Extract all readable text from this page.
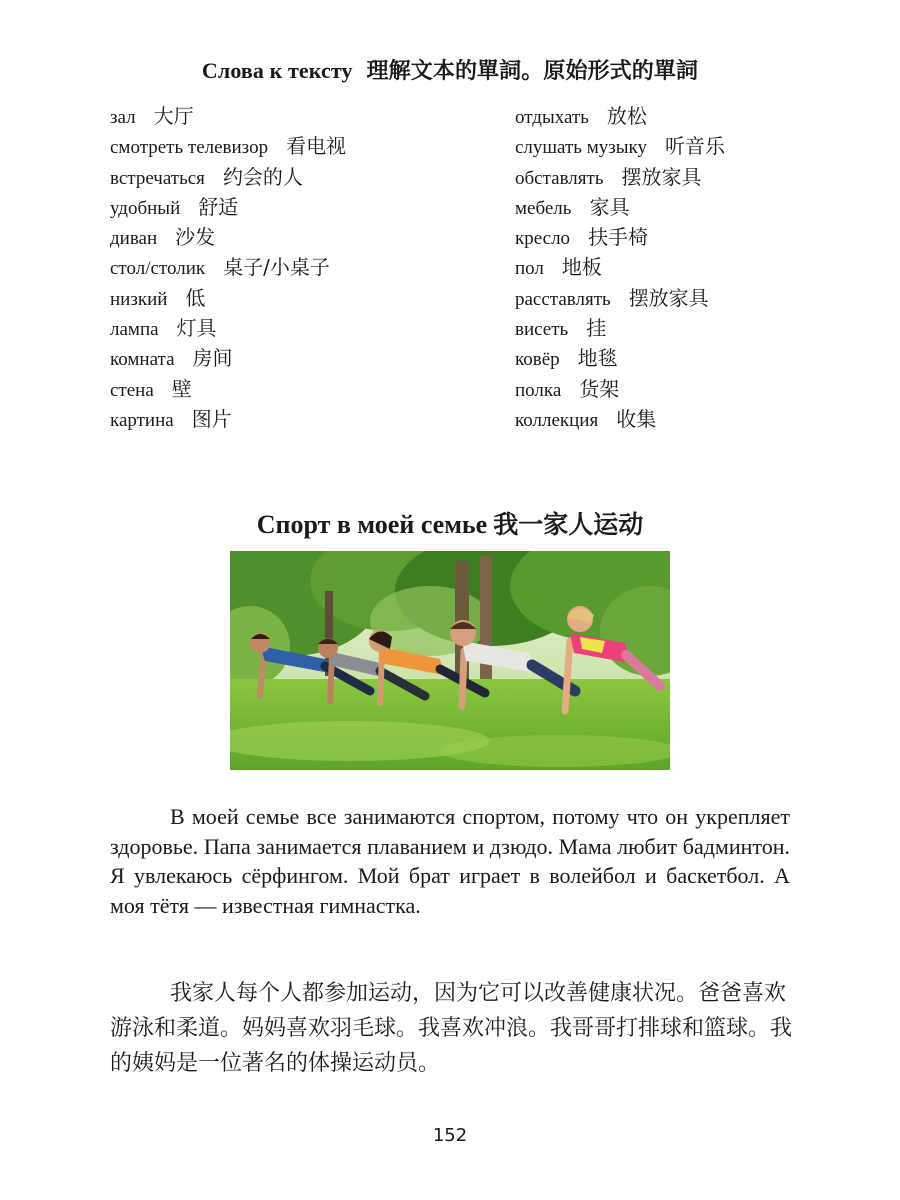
Слова к тексту 理解文本的單詞。原始形式的單詞
зал 大厅
смотреть телевизор 看电视
встречаться 约会的人
удобный 舒适
диван 沙发
стол/столик 桌子/小桌子
низкий 低
лампа 灯具
комната 房间
стена 壁
картина 图片
отдыхать 放松
слушать музыку 听音乐
обставлять 摆放家具
мебель 家具
кресло 扶手椅
пол 地板
расставлять 摆放家具
висеть 挂
ковёр 地毯
полка 货架
коллекция 收集
Спорт в моей семье 我一家人运动

В моей семье все занимаются спортом, потому что он укрепляет здоровье. Папа занимается плаванием и дзюдо. Мама любит бадминтон. Я увлекаюсь сёрфингом. Мой брат играет в волейбол и баскетбол. А моя тётя — известная гимнастка.

我家人每个人都参加运动，因为它可以改善健康状况。爸爸喜欢游泳和柔道。妈妈喜欢羽毛球。我喜欢冲浪。我哥哥打排球和篮球。我的姨妈是一位著名的体操运动员。

152
